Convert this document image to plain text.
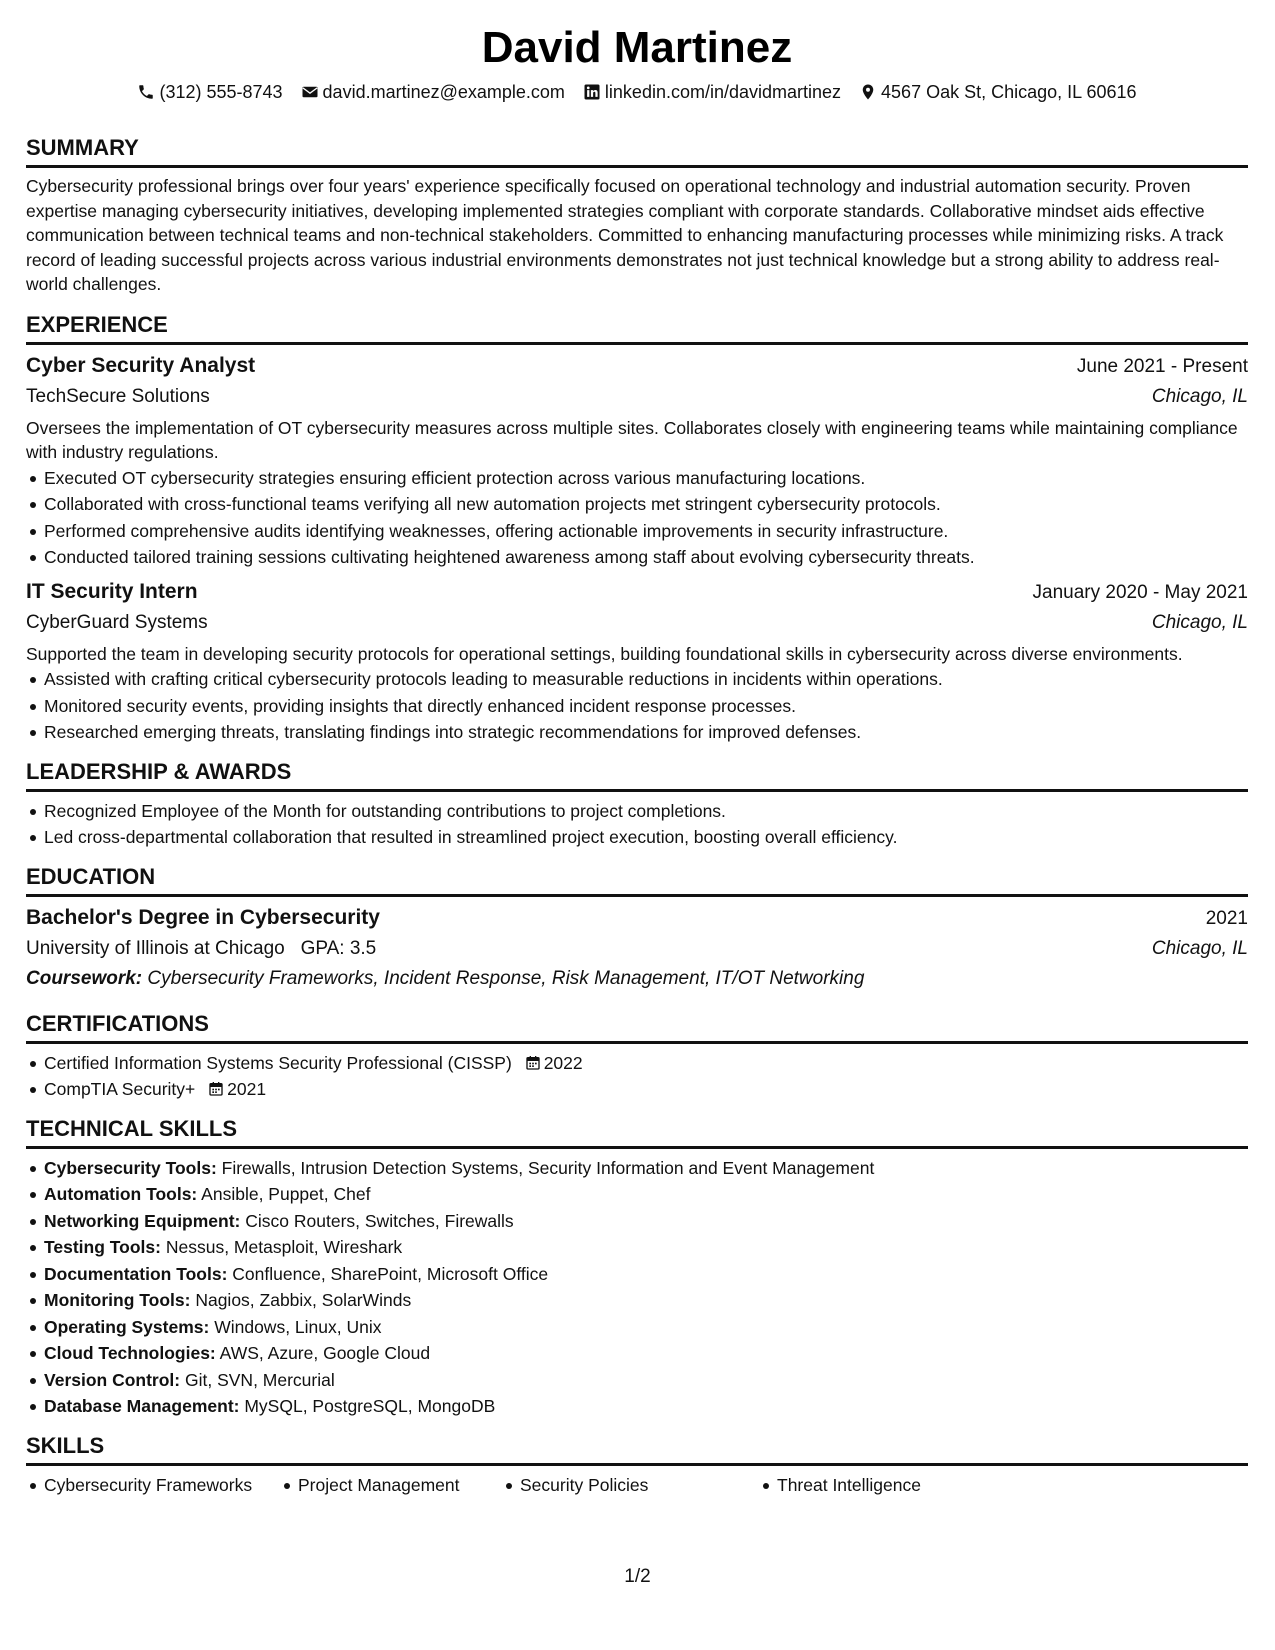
David Martinez
(312) 555-8743 david.martinez@example.com linkedin.com/in/davidmartinez 4567 Oak St, Chicago, IL 60616
SUMMARY

Cybersecurity professional brings over four years' experience specifically focused on operational technology and industrial automation security. Proven expertise managing cybersecurity initiatives, developing implemented strategies compliant with corporate standards. Collaborative mindset aids effective communication between technical teams and non-technical stakeholders. Committed to enhancing manufacturing processes while minimizing risks. A track record of leading successful projects across various industrial environments demonstrates not just technical knowledge but a strong ability to address real-world challenges.

EXPERIENCE
Cyber Security Analyst	June 2021 - Present
TechSecure Solutions	Chicago, IL

Oversees the implementation of OT cybersecurity measures across multiple sites. Collaborates closely with engineering teams while maintaining compliance with industry regulations.

Executed OT cybersecurity strategies ensuring efficient protection across various manufacturing locations.
Collaborated with cross-functional teams verifying all new automation projects met stringent cybersecurity protocols.
Performed comprehensive audits identifying weaknesses, offering actionable improvements in security infrastructure.
Conducted tailored training sessions cultivating heightened awareness among staff about evolving cybersecurity threats.
IT Security Intern	January 2020 - May 2021
CyberGuard Systems	Chicago, IL

Supported the team in developing security protocols for operational settings, building foundational skills in cybersecurity across diverse environments.

Assisted with crafting critical cybersecurity protocols leading to measurable reductions in incidents within operations.
Monitored security events, providing insights that directly enhanced incident response processes.
Researched emerging threats, translating findings into strategic recommendations for improved defenses.
LEADERSHIP & AWARDS
Recognized Employee of the Month for outstanding contributions to project completions.
Led cross-departmental collaboration that resulted in streamlined project execution, boosting overall efficiency.
EDUCATION
Bachelor's Degree in Cybersecurity	2021
University of Illinois at Chicago GPA: 3.5	Chicago, IL
Coursework: Cybersecurity Frameworks, Incident Response, Risk Management, IT/OT Networking
CERTIFICATIONS
Certified Information Systems Security Professional (CISSP) 2022
CompTIA Security+ 2021
TECHNICAL SKILLS
Cybersecurity Tools: Firewalls, Intrusion Detection Systems, Security Information and Event Management
Automation Tools: Ansible, Puppet, Chef
Networking Equipment: Cisco Routers, Switches, Firewalls
Testing Tools: Nessus, Metasploit, Wireshark
Documentation Tools: Confluence, SharePoint, Microsoft Office
Monitoring Tools: Nagios, Zabbix, SolarWinds
Operating Systems: Windows, Linux, Unix
Cloud Technologies: AWS, Azure, Google Cloud
Version Control: Git, SVN, Mercurial
Database Management: MySQL, PostgreSQL, MongoDB
SKILLS
Cybersecurity Frameworks	Project Management	Security Policies	Threat Intelligence
1/2
